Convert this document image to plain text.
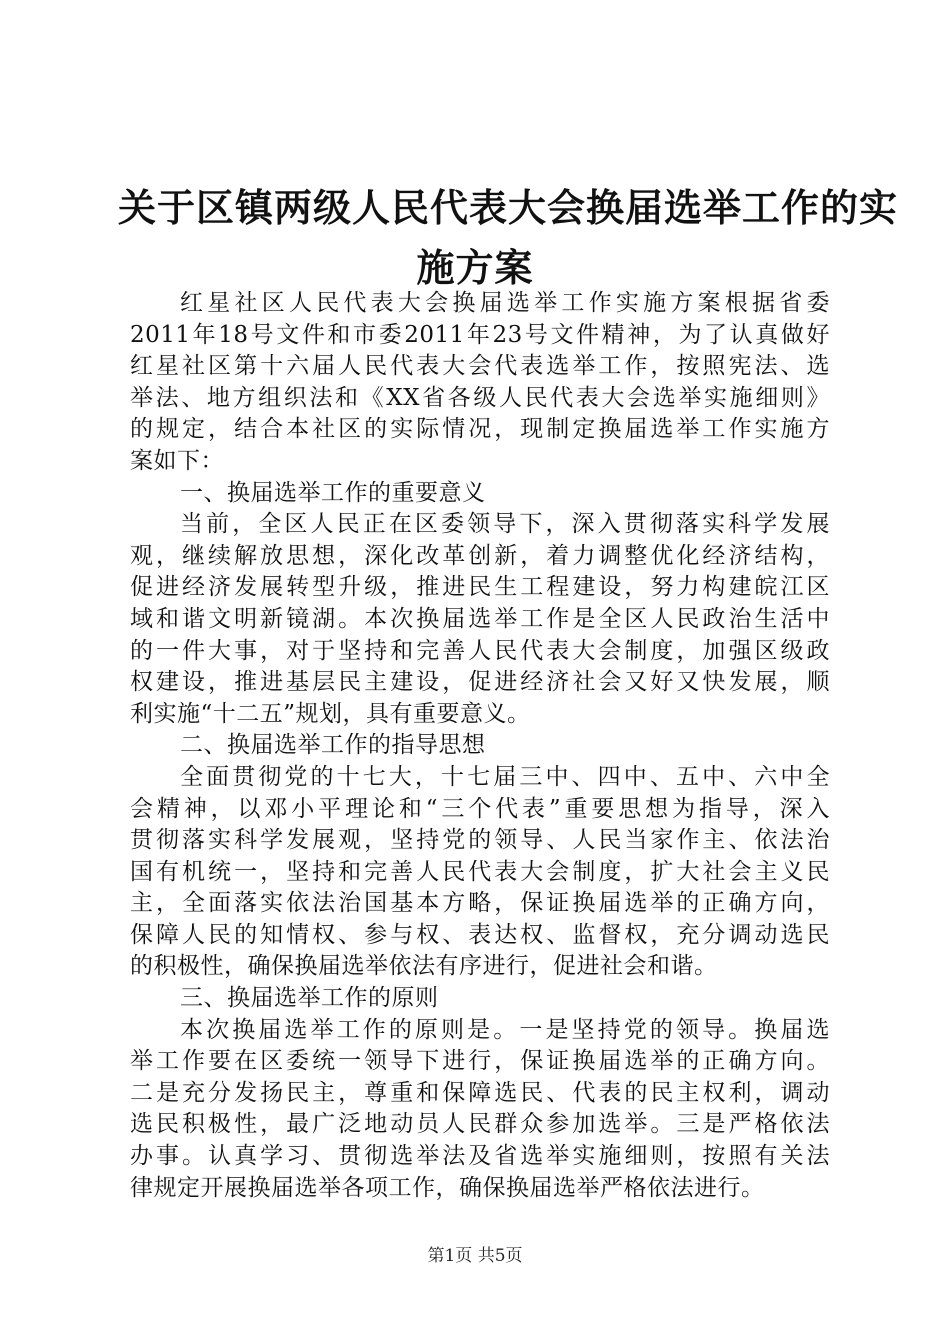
关于区镇两级人民代表大会换届选举工作的实
施方案
红星社区人民代表大会换届选举工作实施方案根据省委
2011年18号文件和市委2011年23号文件精神，为了认真做好
红星社区第十六届人民代表大会代表选举工作，按照宪法、选
举法、地方组织法和《XX省各级人民代表大会选举实施细则》
的规定，结合本社区的实际情况，现制定换届选举工作实施方
案如下：
一、换届选举工作的重要意义
当前，全区人民正在区委领导下，深入贯彻落实科学发展
观，继续解放思想，深化改革创新，着力调整优化经济结构，
促进经济发展转型升级，推进民生工程建设，努力构建皖江区
域和谐文明新镜湖。本次换届选举工作是全区人民政治生活中
的一件大事，对于坚持和完善人民代表大会制度，加强区级政
权建设，推进基层民主建设，促进经济社会又好又快发展，顺
利实施“十二五”规划，具有重要意义。
二、换届选举工作的指导思想
全面贯彻党的十七大，十七届三中、四中、五中、六中全
会精神，以邓小平理论和“三个代表”重要思想为指导，深入
贯彻落实科学发展观，坚持党的领导、人民当家作主、依法治
国有机统一，坚持和完善人民代表大会制度，扩大社会主义民
主，全面落实依法治国基本方略，保证换届选举的正确方向，
保障人民的知情权、参与权、表达权、监督权，充分调动选民
的积极性，确保换届选举依法有序进行，促进社会和谐。
三、换届选举工作的原则
本次换届选举工作的原则是。一是坚持党的领导。换届选
举工作要在区委统一领导下进行，保证换届选举的正确方向。
二是充分发扬民主，尊重和保障选民、代表的民主权利，调动
选民积极性，最广泛地动员人民群众参加选举。三是严格依法
办事。认真学习、贯彻选举法及省选举实施细则，按照有关法
律规定开展换届选举各项工作，确保换届选举严格依法进行。
第1页 共5页
